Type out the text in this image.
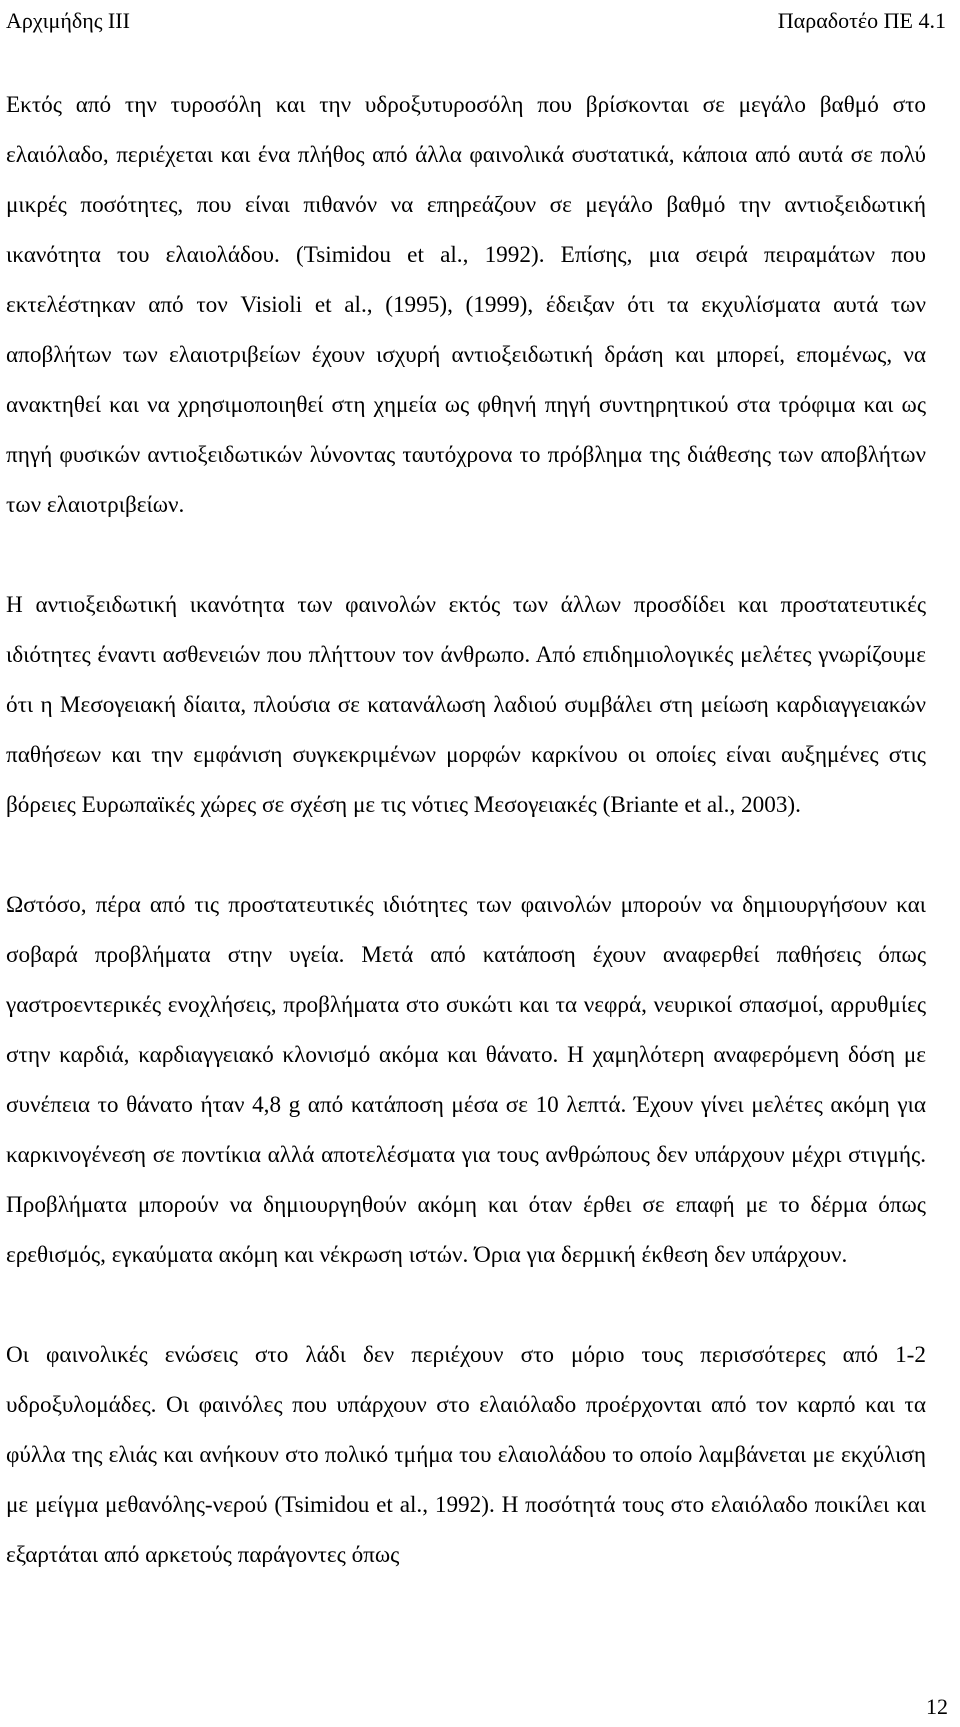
Αρχιμήδης ΙΙΙ	Παραδοτέο ΠΕ 4.1

Εκτός από την τυροσόλη και την υδροξυτυροσόλη που βρίσκονται σε μεγάλο βαθμό στο ελαιόλαδο, περιέχεται και ένα πλήθος από άλλα φαινολικά συστατικά, κάποια από αυτά σε πολύ μικρές ποσότητες, που είναι πιθανόν να επηρεάζουν σε μεγάλο βαθμό την αντιοξειδωτική ικανότητα του ελαιολάδου. (Tsimidou et al., 1992). Επίσης, μια σειρά πειραμάτων που εκτελέστηκαν από τον Visioli et al., (1995), (1999), έδειξαν ότι τα εκχυλίσματα αυτά των αποβλήτων των ελαιοτριβείων έχουν ισχυρή αντιοξειδωτική δράση και μπορεί, επομένως, να ανακτηθεί και να χρησιμοποιηθεί στη χημεία ως φθηνή πηγή συντηρητικού στα τρόφιμα και ως πηγή φυσικών αντιοξειδωτικών λύνοντας ταυτόχρονα το πρόβλημα της διάθεσης των αποβλήτων των ελαιοτριβείων.

Η αντιοξειδωτική ικανότητα των φαινολών εκτός των άλλων προσδίδει και προστατευτικές ιδιότητες έναντι ασθενειών που πλήττουν τον άνθρωπο. Από επιδημιολογικές μελέτες γνωρίζουμε ότι η Μεσογειακή δίαιτα, πλούσια σε κατανάλωση λαδιού συμβάλει στη μείωση καρδιαγγειακών παθήσεων και την εμφάνιση συγκεκριμένων μορφών καρκίνου οι οποίες είναι αυξημένες στις βόρειες Ευρωπαϊκές χώρες σε σχέση με τις νότιες Μεσογειακές (Briante et al., 2003).

Ωστόσο, πέρα από τις προστατευτικές ιδιότητες των φαινολών μπορούν να δημιουργήσουν και σοβαρά προβλήματα στην υγεία. Μετά από κατάποση έχουν αναφερθεί παθήσεις όπως γαστροεντερικές ενοχλήσεις, προβλήματα στο συκώτι και τα νεφρά, νευρικοί σπασμοί, αρρυθμίες στην καρδιά, καρδιαγγειακό κλονισμό ακόμα και θάνατο. Η χαμηλότερη αναφερόμενη δόση με συνέπεια το θάνατο ήταν 4,8 g από κατάποση μέσα σε 10 λεπτά. Έχουν γίνει μελέτες ακόμη για καρκινογένεση σε ποντίκια αλλά αποτελέσματα για τους ανθρώπους δεν υπάρχουν μέχρι στιγμής. Προβλήματα μπορούν να δημιουργηθούν ακόμη και όταν έρθει σε επαφή με το δέρμα όπως ερεθισμός, εγκαύματα ακόμη και νέκρωση ιστών. Όρια για δερμική έκθεση δεν υπάρχουν.

Οι φαινολικές ενώσεις στο λάδι δεν περιέχουν στο μόριο τους περισσότερες από 1-2 υδροξυλομάδες. Οι φαινόλες που υπάρχουν στο ελαιόλαδο προέρχονται από τον καρπό και τα φύλλα της ελιάς και ανήκουν στο πολικό τμήμα του ελαιολάδου το οποίο λαμβάνεται με εκχύλιση με μείγμα μεθανόλης-νερού (Tsimidou et al., 1992). Η ποσότητά τους στο ελαιόλαδο ποικίλει και εξαρτάται από αρκετούς παράγοντες όπως

12
